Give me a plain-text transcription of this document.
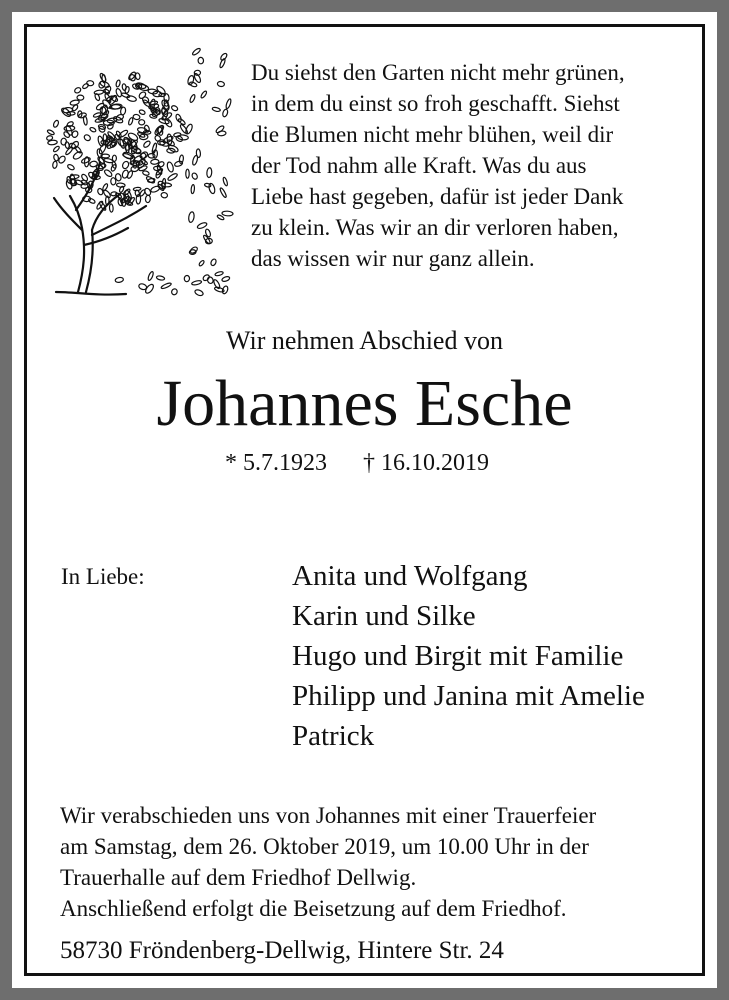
Du siehst den Garten nicht mehr grünen,
in dem du einst so froh geschafft. Siehst
die Blumen nicht mehr blühen, weil dir
der Tod nahm alle Kraft. Was du aus
Liebe hast gegeben, dafür ist jeder Dank
zu klein. Was wir an dir verloren haben,
das wissen wir nur ganz allein.
Wir nehmen Abschied von
Johannes Esche
* 5.7.1923 † 16.10.2019
In Liebe:	Anita und Wolfgang
Karin und Silke
Hugo und Birgit mit Familie
Philipp und Janina mit Amelie
Patrick
Wir verabschieden uns von Johannes mit einer Trauerfeier
am Samstag, dem 26. Oktober 2019, um 10.00 Uhr in der
Trauerhalle auf dem Friedhof Dellwig.
Anschließend erfolgt die Beisetzung auf dem Friedhof.
58730 Fröndenberg-Dellwig, Hintere Str. 24
